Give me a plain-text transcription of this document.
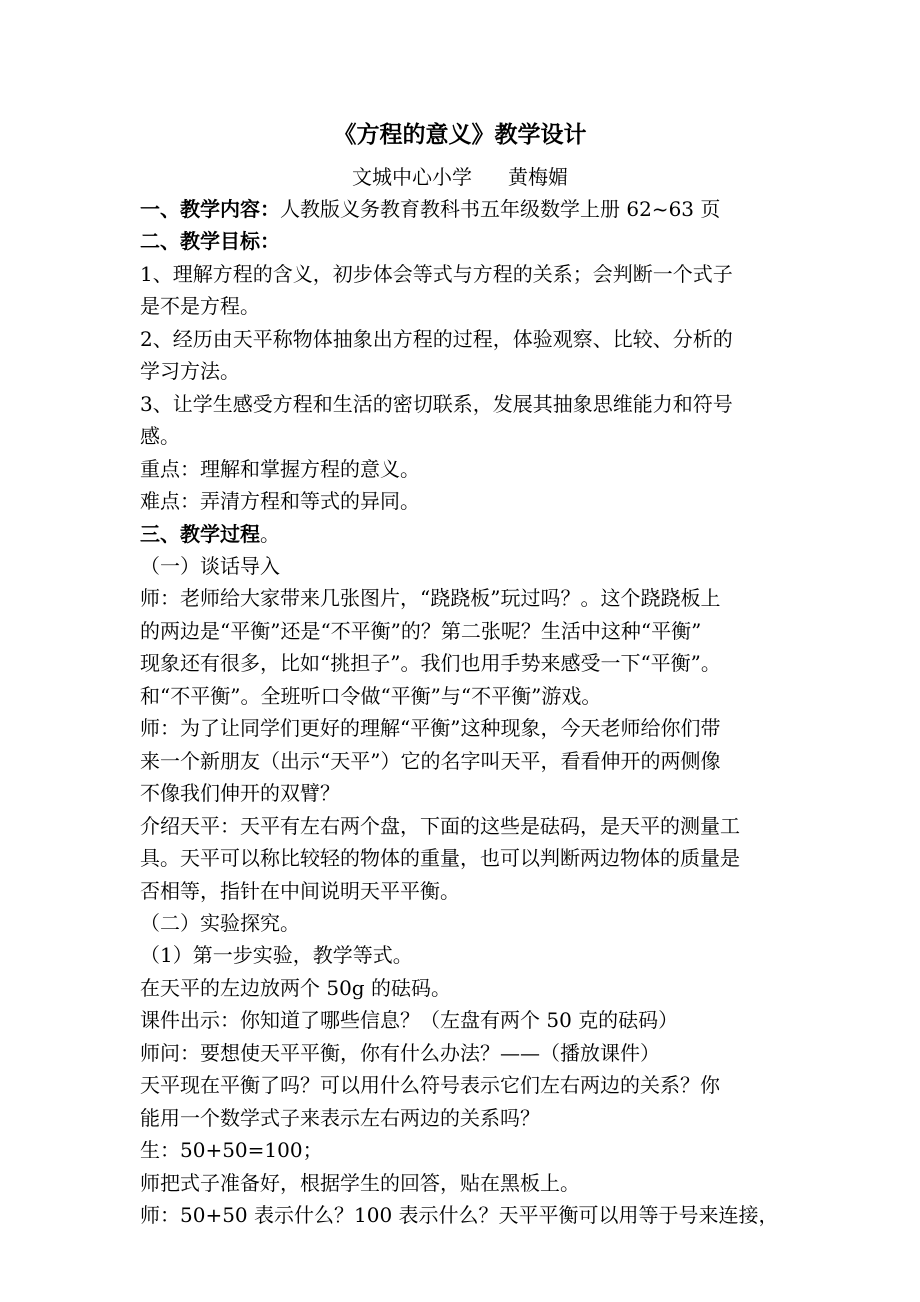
《方程的意义》教学设计
文城中心小学 黄梅媚

一、教学内容：人教版义务教育教科书五年级数学上册 62~63 页

二、教学目标：

1、理解方程的含义，初步体会等式与方程的关系；会判断一个式子

是不是方程。

2、经历由天平称物体抽象出方程的过程，体验观察、比较、分析的

学习方法。

3、让学生感受方程和生活的密切联系，发展其抽象思维能力和符号

感。

重点：理解和掌握方程的意义。

难点：弄清方程和等式的异同。

三、教学过程。

（一）谈话导入

师：老师给大家带来几张图片，“跷跷板”玩过吗？。这个跷跷板上

的两边是“平衡”还是“不平衡”的？第二张呢？生活中这种“平衡”

现象还有很多，比如“挑担子”。我们也用手势来感受一下“平衡”。

和“不平衡”。全班听口令做“平衡”与“不平衡”游戏。

师：为了让同学们更好的理解“平衡”这种现象，今天老师给你们带

来一个新朋友（出示“天平”）它的名字叫天平，看看伸开的两侧像

不像我们伸开的双臂？

介绍天平：天平有左右两个盘，下面的这些是砝码，是天平的测量工

具。天平可以称比较轻的物体的重量，也可以判断两边物体的质量是

否相等，指针在中间说明天平平衡。

（二）实验探究。

（1）第一步实验，教学等式。

在天平的左边放两个 50g 的砝码。

课件出示：你知道了哪些信息？（左盘有两个 50 克的砝码）

师问：要想使天平平衡，你有什么办法？——（播放课件）

天平现在平衡了吗？可以用什么符号表示它们左右两边的关系？你

能用一个数学式子来表示左右两边的关系吗？

生：50+50=100；

师把式子准备好，根据学生的回答，贴在黑板上。

师：50+50 表示什么？100 表示什么？天平平衡可以用等于号来连接，
